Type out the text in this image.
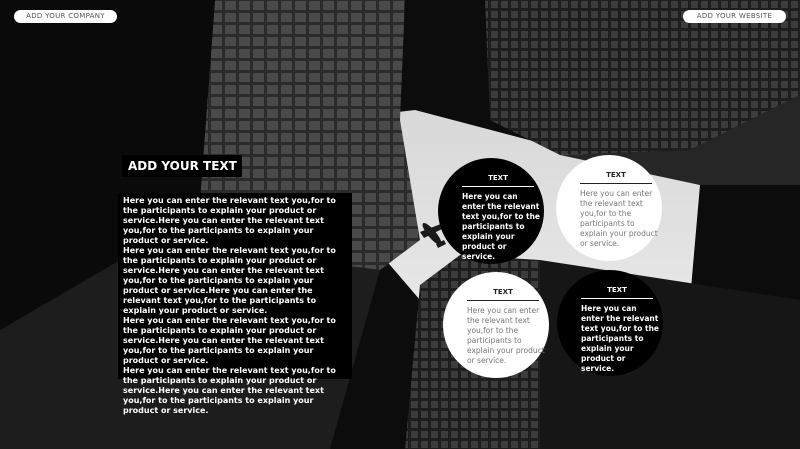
ADD YOUR COMPANY	ADD YOUR WEBSITE
ADD YOUR TEXT

Here you can enter the relevant text you,for to the participants to explain your product or service.Here you can enter the relevant text you,for to the participants to explain your product or service.

Here you can enter the relevant text you,for to the participants to explain your product or service.Here you can enter the relevant text you,for to the participants to explain your product or service.Here you can enter the relevant text you,for to the participants to explain your product or service.

Here you can enter the relevant text you,for to the participants to explain your product or service.Here you can enter the relevant text you,for to the participants to explain your product or service.

Here you can enter the relevant text you,for to the participants to explain your product or service.Here you can enter the relevant text you,for to the participants to explain your product or service.

TEXT
Here you can enter the relevant text you,for to the participants to explain your product or service.
TEXT
Here you can enter the relevant text you,for to the participants to explain your product or service.
TEXT
Here you can enter the relevant text you,for to the participants to explain your product or service.
TEXT
Here you can enter the relevant text you,for to the participants to explain your product or service.
